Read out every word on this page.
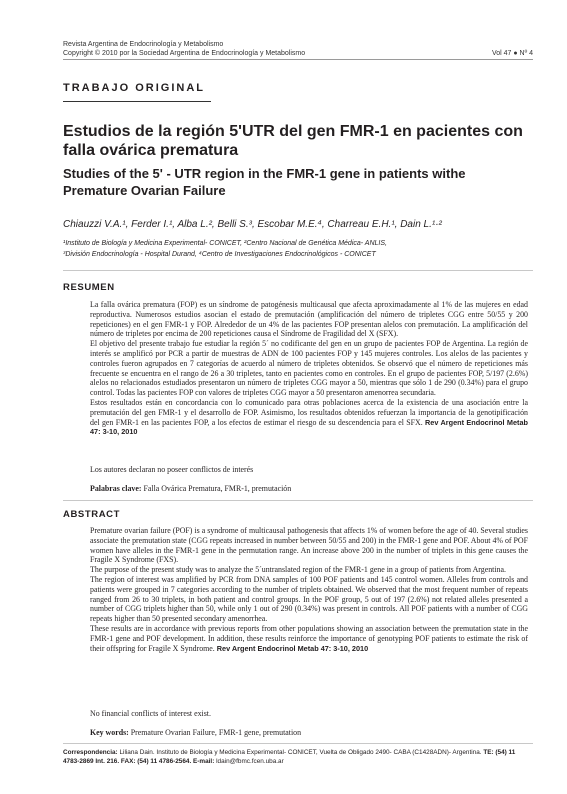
Revista Argentina de Endocrinología y Metabolismo
Copyright © 2010 por la Sociedad Argentina de Endocrinología y Metabolismo	Vol 47 ● Nº 4
TRABAJO ORIGINAL
Estudios de la región 5'UTR del gen FMR-1 en pacientes con falla ovárica prematura
Studies of the 5' - UTR region in the FMR-1 gene in patients withe Premature Ovarian Failure
Chiauzzi V.A.¹, Ferder I.¹, Alba L.², Belli S.³, Escobar M.E.⁴, Charreau E.H.¹, Dain L.¹·²
¹Instituto de Biología y Medicina Experimental- CONICET, ²Centro Nacional de Genética Médica- ANLIS,
³División Endocrinología - Hospital Durand, ⁴Centro de Investigaciones Endocrinológicos - CONICET
RESUMEN

La falla ovárica prematura (FOP) es un síndrome de patogénesis multicausal que afecta aproximadamente al 1% de las mujeres en edad reproductiva. Numerosos estudios asocian el estado de premutación (amplificación del número de tripletes CGG entre 50/55 y 200 repeticiones) en el gen FMR-1 y FOP. Alrededor de un 4% de las pacientes FOP presentan alelos con premutación. La amplificación del número de tripletes por encima de 200 repeticiones causa el Síndrome de Fragilidad del X (SFX).

El objetivo del presente trabajo fue estudiar la región 5´ no codificante del gen en un grupo de pacientes FOP de Argentina. La región de interés se amplificó por PCR a partir de muestras de ADN de 100 pacientes FOP y 145 mujeres controles. Los alelos de las pacientes y controles fueron agrupados en 7 categorías de acuerdo al número de tripletes obtenidos. Se observó que el número de repeticiones más frecuente se encuentra en el rango de 26 a 30 tripletes, tanto en pacientes como en controles. En el grupo de pacientes FOP, 5/197 (2.6%) alelos no relacionados estudiados presentaron un número de tripletes CGG mayor a 50, mientras que sólo 1 de 290 (0.34%) para el grupo control. Todas las pacientes FOP con valores de tripletes CGG mayor a 50 presentaron amenorrea secundaria.

Estos resultados están en concordancia con lo comunicado para otras poblaciones acerca de la existencia de una asociación entre la premutación del gen FMR-1 y el desarrollo de FOP. Asimismo, los resultados obtenidos refuerzan la importancia de la genotipificación del gen FMR-1 en las pacientes FOP, a los efectos de estimar el riesgo de su descendencia para el SFX. Rev Argent Endocrinol Metab 47: 3-10, 2010

Los autores declaran no poseer conflictos de interés
Palabras clave: Falla Ovárica Prematura, FMR-1, premutación
ABSTRACT

Premature ovarian failure (POF) is a syndrome of multicausal pathogenesis that affects 1% of women before the age of 40. Several studies associate the premutation state (CGG repeats increased in number between 50/55 and 200) in the FMR-1 gene and POF. About 4% of POF women have alleles in the FMR-1 gene in the permutation range. An increase above 200 in the number of triplets in this gene causes the Fragile X Syndrome (FXS).

The purpose of the present study was to analyze the 5´untranslated region of the FMR-1 gene in a group of patients from Argentina.

The region of interest was amplified by PCR from DNA samples of 100 POF patients and 145 control women. Alleles from controls and patients were grouped in 7 categories according to the number of triplets obtained. We observed that the most frequent number of repeats ranged from 26 to 30 triplets, in both patient and control groups. In the POF group, 5 out of 197 (2.6%) not related alleles presented a number of CGG triplets higher than 50, while only 1 out of 290 (0.34%) was present in controls. All POF patients with a number of CGG repeats higher than 50 presented secondary amenorrhea.

These results are in accordance with previous reports from other populations showing an association between the premutation state in the FMR-1 gene and POF development. In addition, these results reinforce the importance of genotyping POF patients to estimate the risk of their offspring for Fragile X Syndrome. Rev Argent Endocrinol Metab 47: 3-10, 2010

No financial conflicts of interest exist.
Key words: Premature Ovarian Failure, FMR-1 gene, premutation
Correspondencia: Liliana Dain. Instituto de Biología y Medicina Experimental- CONICET, Vuelta de Obligado 2490- CABA (C1428ADN)- Argentina. TE: (54) 11 4783-2869 Int. 216. FAX: (54) 11 4786-2564. E-mail: ldain@fbmc.fcen.uba.ar
